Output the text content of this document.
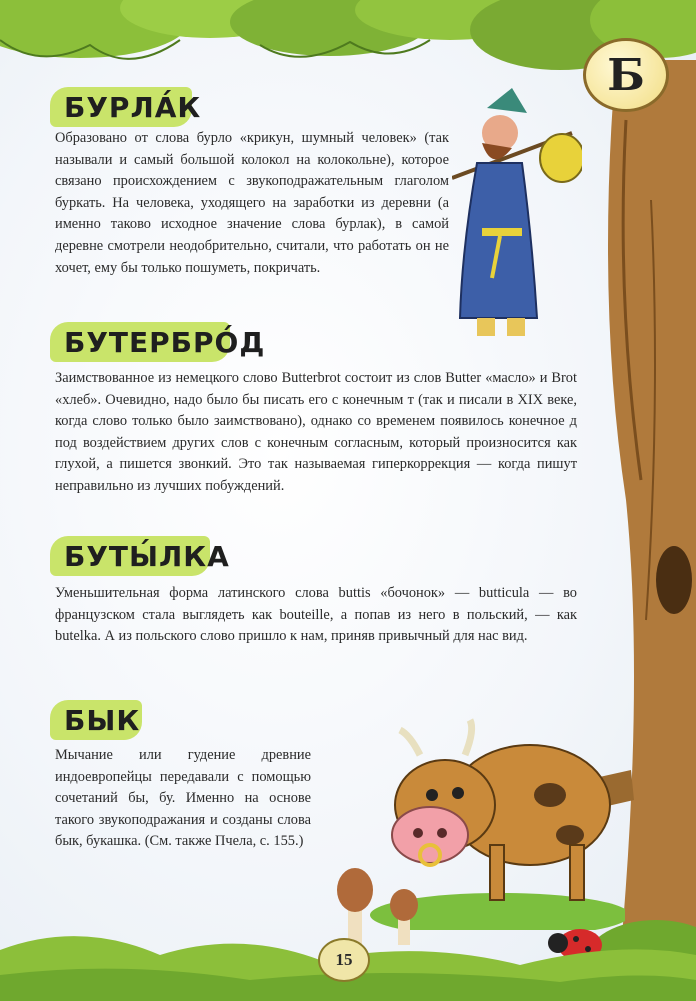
Б
БУРЛА́К

Образовано от слова бурло «крикун, шумный человек» (так называли и самый большой колокол на колокольне), которое связано происхождением с звукоподражательным глаголом буркать. На человека, уходящего на заработки из деревни (а именно таково исходное значение слова бурлак), в самой деревне смотрели неодобрительно, считали, что работать он не хочет, ему бы только пошуметь, покричать.

БУТЕРБРО́Д

Заимствованное из немецкого слово Butterbrot состоит из слов Butter «масло» и Brot «хлеб». Очевидно, надо было бы писать его с конечным т (так и писали в XIX веке, когда слово только было заимствовано), однако со временем появилось конечное д под воздействием других слов с конечным согласным, который произносится как глухой, а пишется звонкий. Это так называемая гиперкоррекция — когда пишут неправильно из лучших побуждений.

БУТЫ́ЛКА

Уменьшительная форма латинского слова buttis «бочонок» — butticula — во французском стала выглядеть как bouteille, а попав из него в польский, — как butelka. А из польского слово пришло к нам, приняв привычный для нас вид.

БЫК

Мычание или гудение древние индоевропейцы передавали с помощью сочетаний бы, бу. Именно на основе такого звукоподражания и созданы слова бык, букашка. (См. также Пчела, с. 155.)

15
